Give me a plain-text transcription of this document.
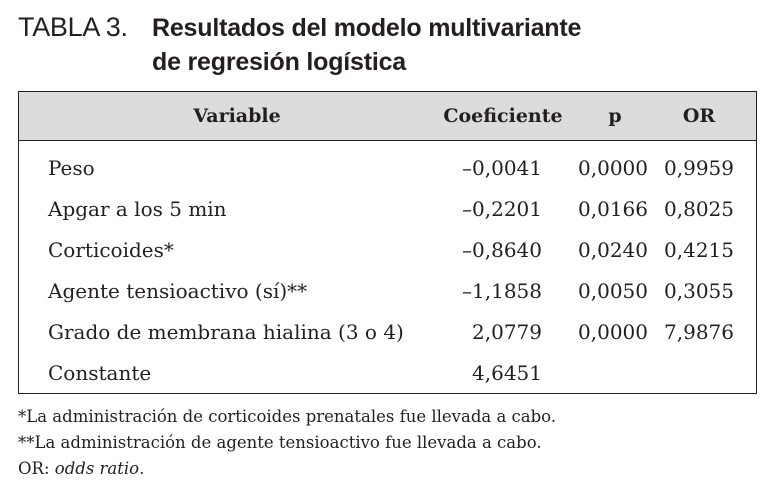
TABLA 3. Resultados del modelo multivariante
de regresión logística
Variable	Coeficiente	p	OR
Peso	–0,0041 0,0000 0,9959
Apgar a los 5 min	–0,2201 0,0166 0,8025
Corticoides*	–0,8640 0,0240 0,4215
Agente tensioactivo (sí)**	–1,1858 0,0050 0,3055
Grado de membrana hialina (3 o 4)	2,0779 0,0000 7,9876
Constante	4,6451
*La administración de corticoides prenatales fue llevada a cabo.
**La administración de agente tensioactivo fue llevada a cabo.
OR: odds ratio.
